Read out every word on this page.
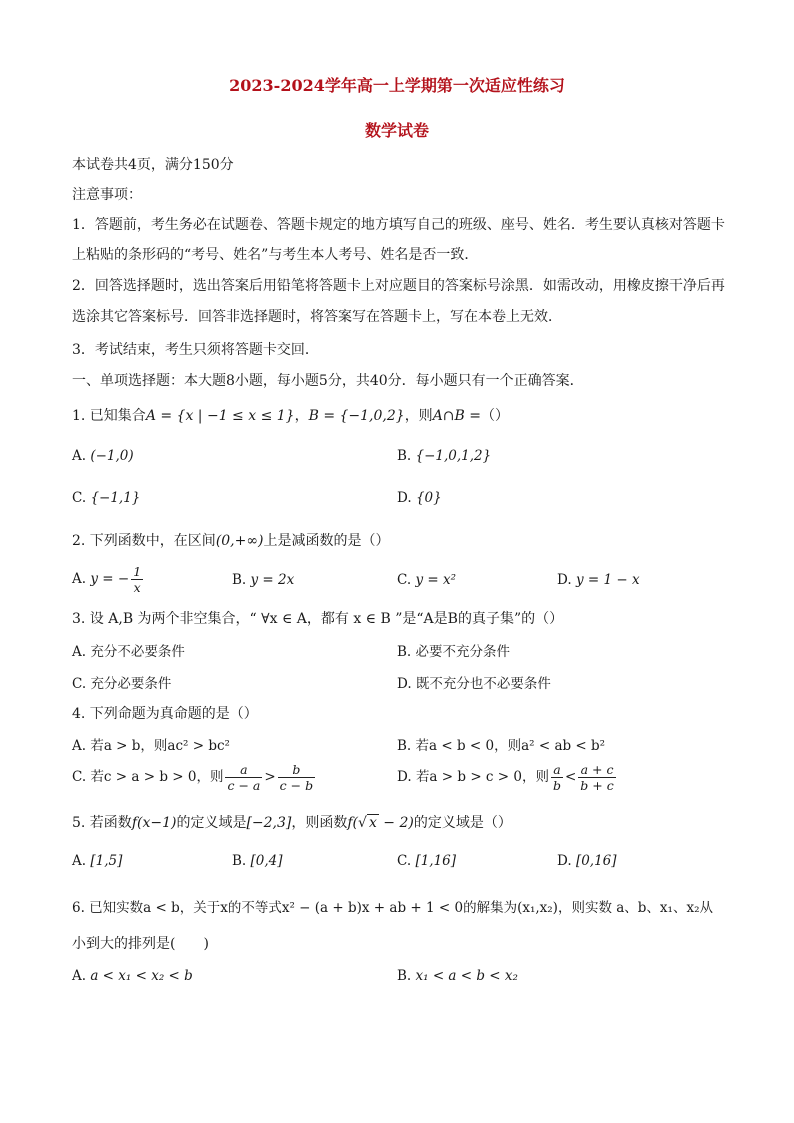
2023-2024学年高一上学期第一次适应性练习
数学试卷
本试卷共4页，满分150分
注意事项：
1．答题前，考生务必在试题卷、答题卡规定的地方填写自己的班级、座号、姓名．考生要认真核对答题卡
上粘贴的条形码的“考号、姓名”与考生本人考号、姓名是否一致．
2．回答选择题时，选出答案后用铅笔将答题卡上对应题目的答案标号涂黑．如需改动，用橡皮擦干净后再
选涂其它答案标号．回答非选择题时，将答案写在答题卡上，写在本卷上无效．
3．考试结束，考生只须将答题卡交回．
一、单项选择题：本大题8小题，每小题5分，共40分．每小题只有一个正确答案．
1. 已知集合A = {x | −1 ≤ x ≤ 1}，B = {−1,0,2}，则A∩B =（）
A. (−1,0)	B. {−1,0,1,2}
C. {−1,1}	D. {0}
2. 下列函数中，在区间(0,+∞)上是减函数的是（）
A. y = − $\frac{1}{x}$	B. y = 2x	C. y = x²	D. y = 1 − x
3. 设 A,B 为两个非空集合，“ ∀x ∈ A，都有 x ∈ B ”是“A是B的真子集”的（）
A. 充分不必要条件	B. 必要不充分条件
C. 充分必要条件	D. 既不充分也不必要条件
4. 下列命题为真命题的是（）
A. 若a > b，则ac² > bc²	B. 若a < b < 0，则a² < ab < b²
C. 若c > a > b > 0，则 $\frac{a}{c - a} > \frac{b}{c - b}$	D. 若a > b > c > 0，则 $\frac{a}{b} < \frac{a + c}{b + c}$
5. 若函数f(x−1)的定义域是[−2,3]，则函数f(√ x − 2)的定义域是（）
A. [1,5]	B. [0,4]	C. [1,16]	D. [0,16]
6. 已知实数a < b，关于x的不等式x² − (a + b)x + ab + 1 < 0的解集为(x₁,x₂)，则实数 a、b、x₁、x₂从
小到大的排列是(　　)
A. a < x₁ < x₂ < b	B. x₁ < a < b < x₂
